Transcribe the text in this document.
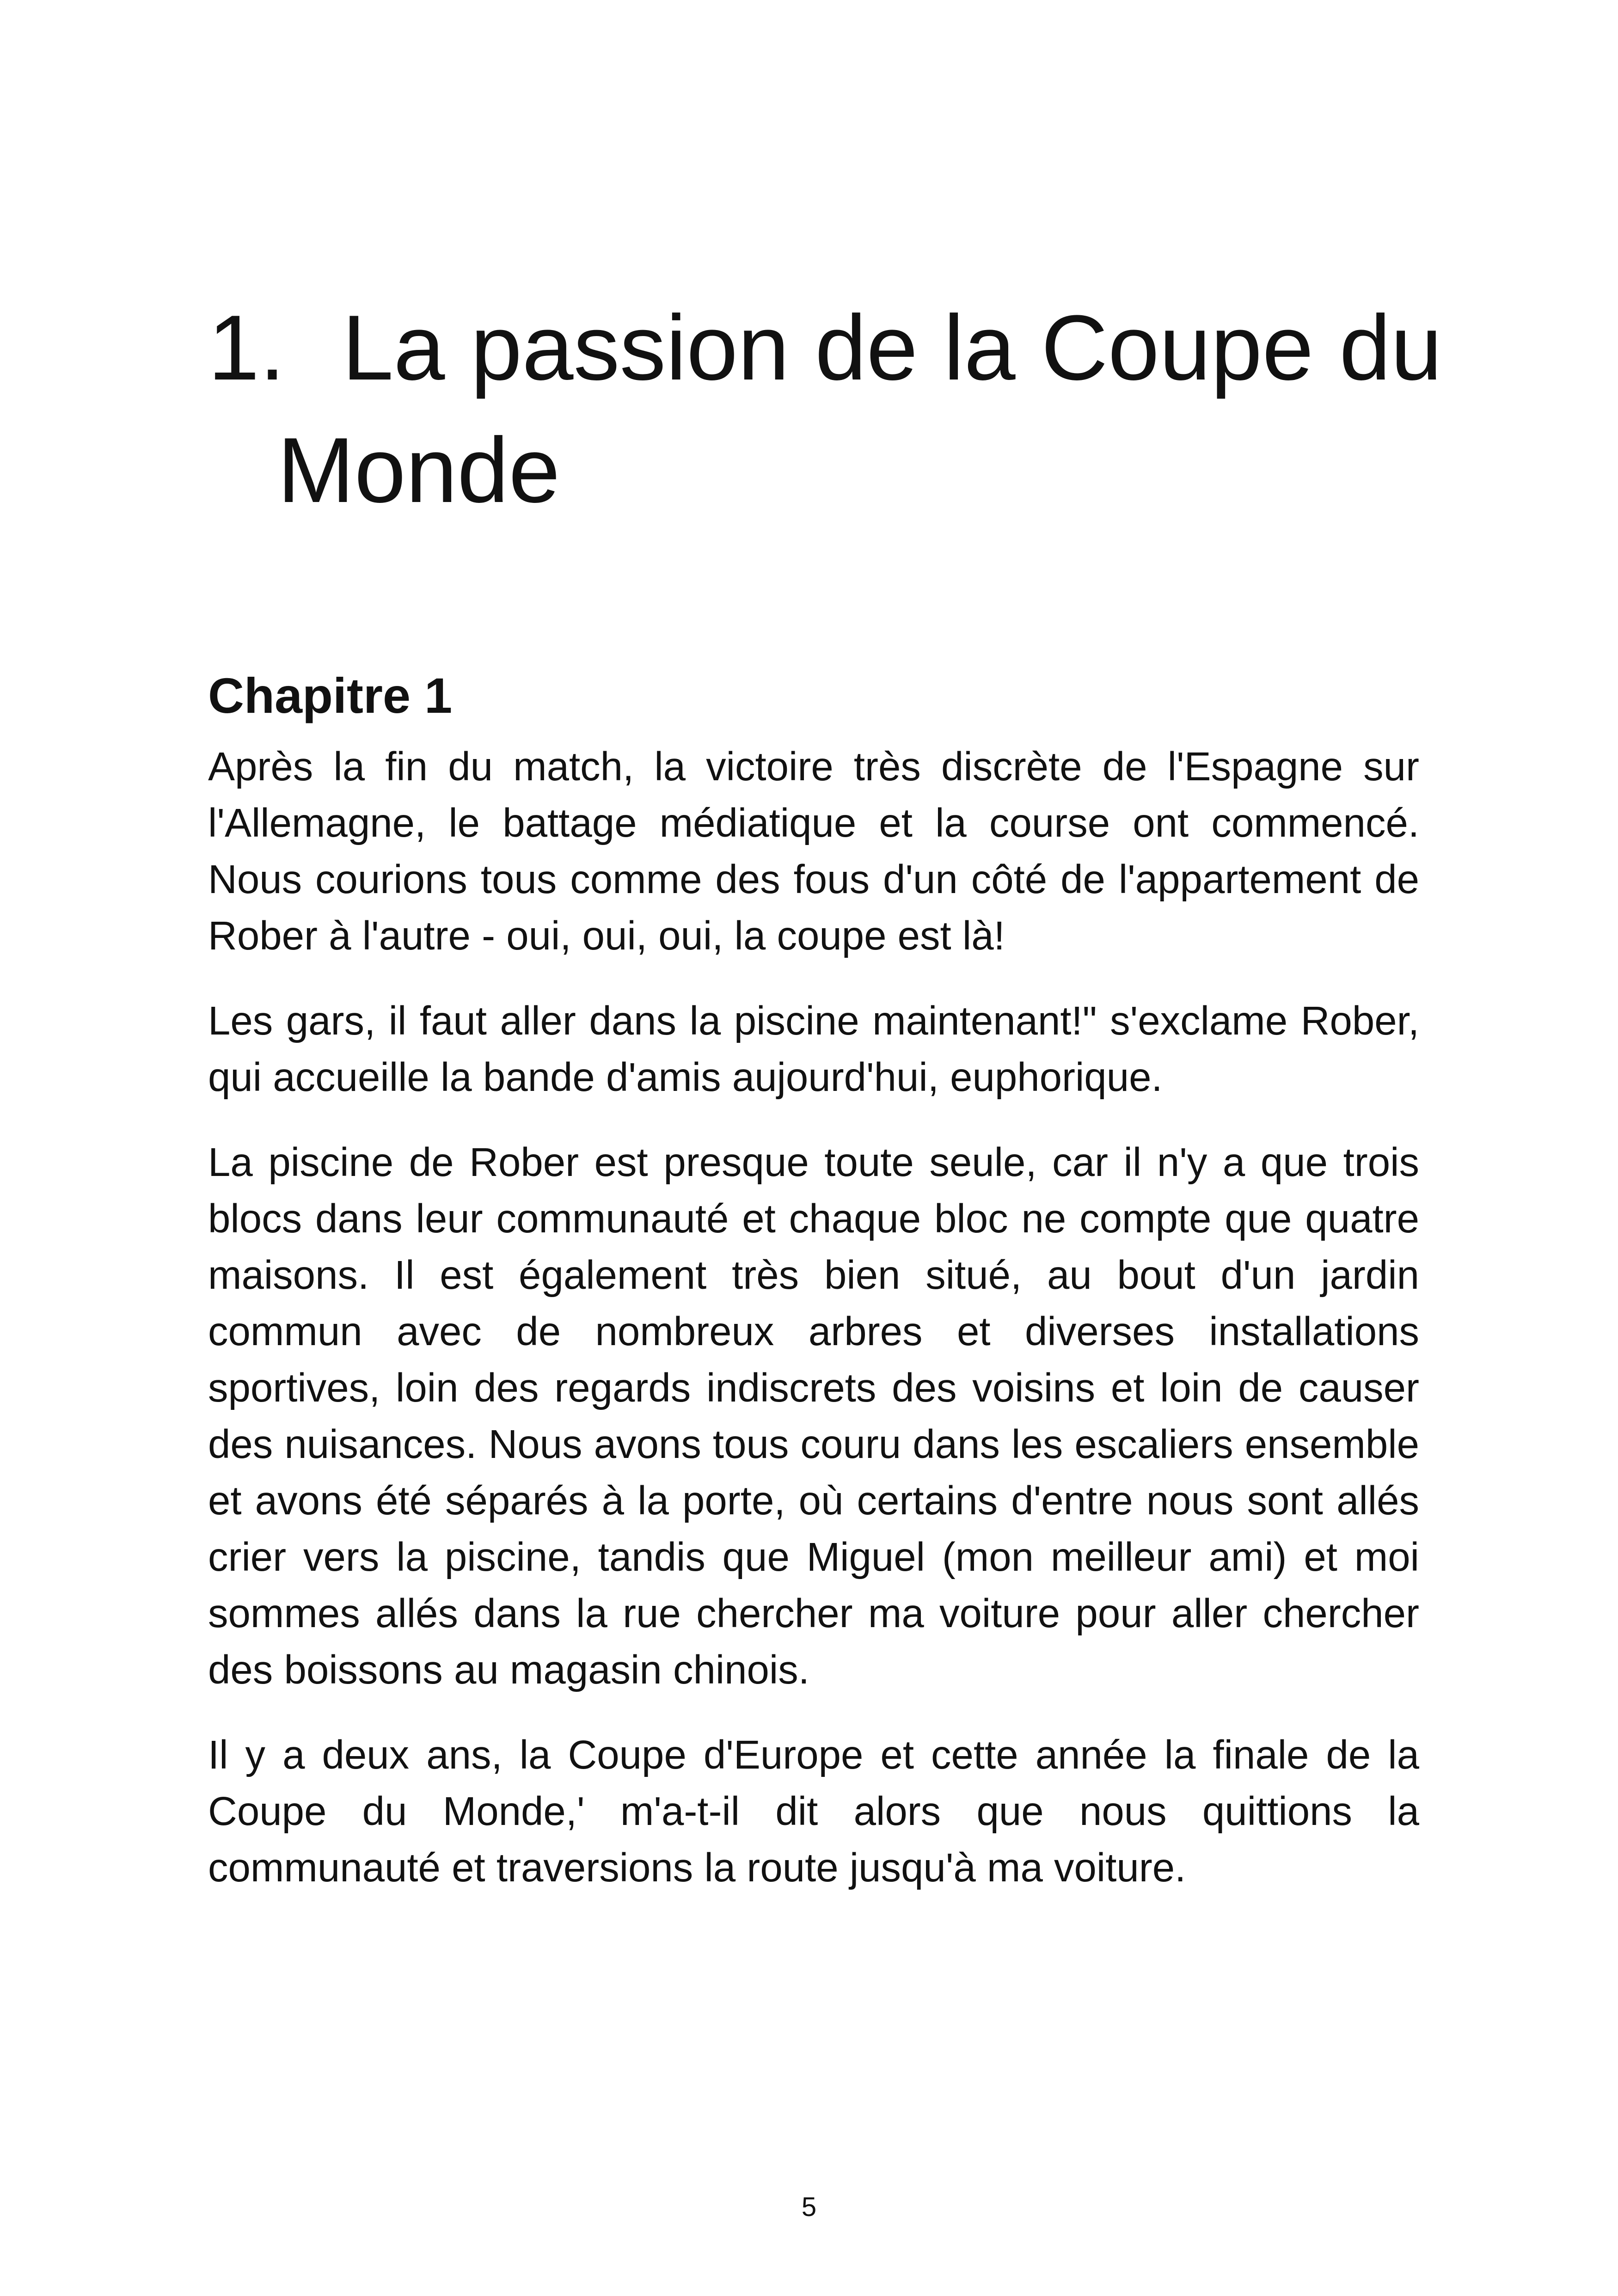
1. La passion de la Coupe du
Monde
Chapitre 1

Après la fin du match, la victoire très discrète de l'Espagne sur l'Allemagne, le battage médiatique et la course ont commencé. Nous courions tous comme des fous d'un côté de l'appartement de Rober à l'autre - oui, oui, oui, la coupe est là!

Les gars, il faut aller dans la piscine maintenant!" s'exclame Rober, qui accueille la bande d'amis aujourd'hui, euphorique.

La piscine de Rober est presque toute seule, car il n'y a que trois blocs dans leur communauté et chaque bloc ne compte que quatre maisons. Il est également très bien situé, au bout d'un jardin commun avec de nombreux arbres et diverses installations sportives, loin des regards indiscrets des voisins et loin de causer des nuisances. Nous avons tous couru dans les escaliers ensemble et avons été séparés à la porte, où certains d'entre nous sont allés crier vers la piscine, tandis que Miguel (mon meilleur ami) et moi sommes allés dans la rue chercher ma voiture pour aller chercher des boissons au magasin chinois.

Il y a deux ans, la Coupe d'Europe et cette année la finale de la Coupe du Monde,' m'a-t-il dit alors que nous quittions la communauté et traversions la route jusqu'à ma voiture.

5
